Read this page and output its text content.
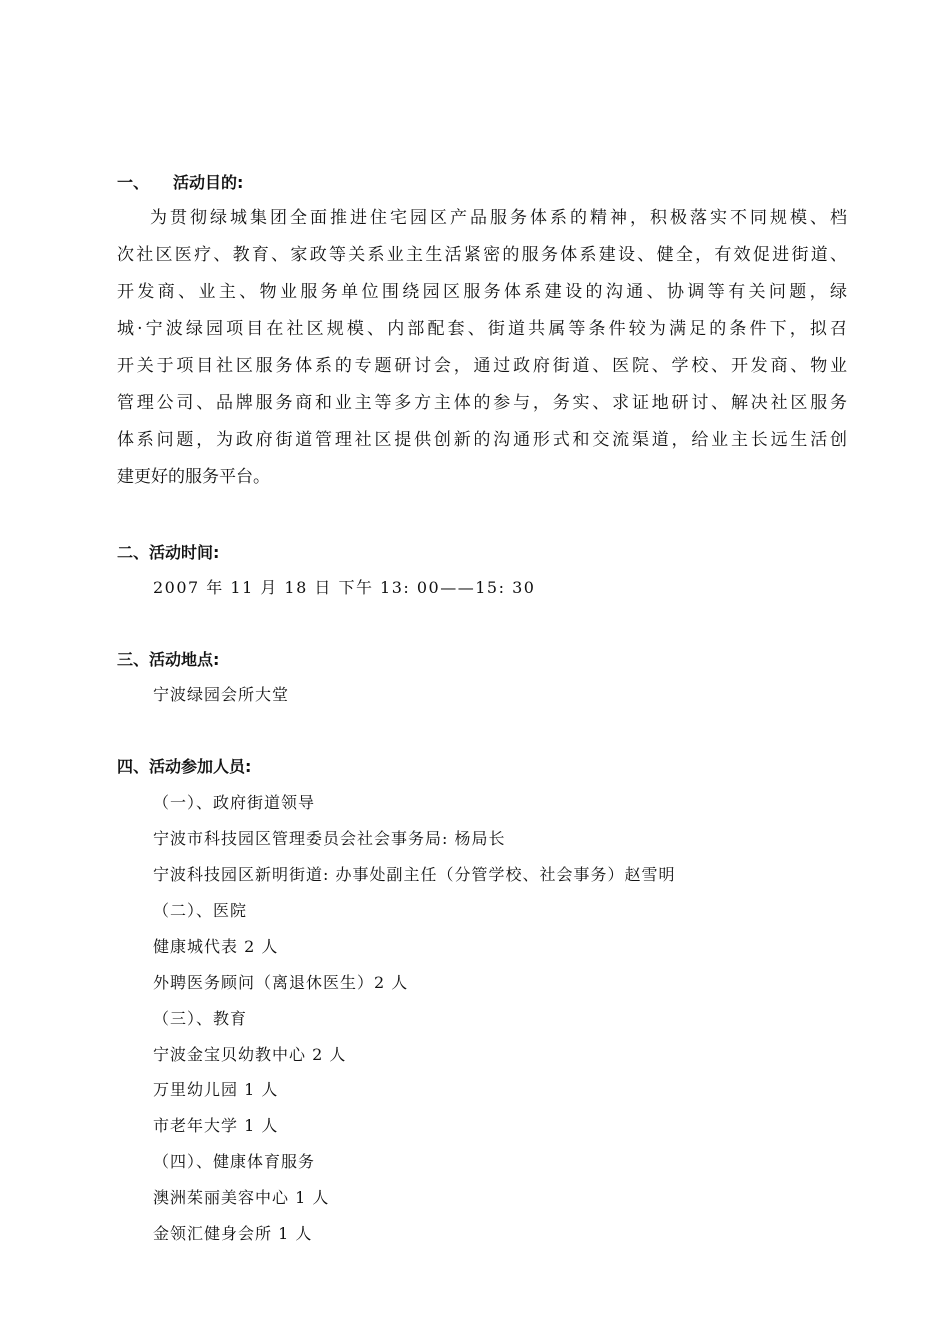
一、 活动目的:
为贯彻绿城集团全面推进住宅园区产品服务体系的精神，积极落实不同规模、档
次社区医疗、教育、家政等关系业主生活紧密的服务体系建设、健全，有效促进街道、
开发商、业主、物业服务单位围绕园区服务体系建设的沟通、协调等有关问题，绿
城·宁波绿园项目在社区规模、内部配套、街道共属等条件较为满足的条件下，拟召
开关于项目社区服务体系的专题研讨会，通过政府街道、医院、学校、开发商、物业
管理公司、品牌服务商和业主等多方主体的参与，务实、求证地研讨、解决社区服务
体系问题，为政府街道管理社区提供创新的沟通形式和交流渠道，给业主长远生活创
建更好的服务平台。
二、活动时间:
2007 年 11 月 18 日 下午 13: 00——15: 30
三、活动地点:
宁波绿园会所大堂
四、活动参加人员:
（一）、政府街道领导
宁波市科技园区管理委员会社会事务局: 杨局长
宁波科技园区新明街道: 办事处副主任（分管学校、社会事务）赵雪明
（二）、医院
健康城代表 2 人
外聘医务顾问（离退休医生）2 人
（三）、教育
宁波金宝贝幼教中心 2 人
万里幼儿园 1 人
市老年大学 1 人
（四）、健康体育服务
澳洲茱丽美容中心 1 人
金领汇健身会所 1 人
